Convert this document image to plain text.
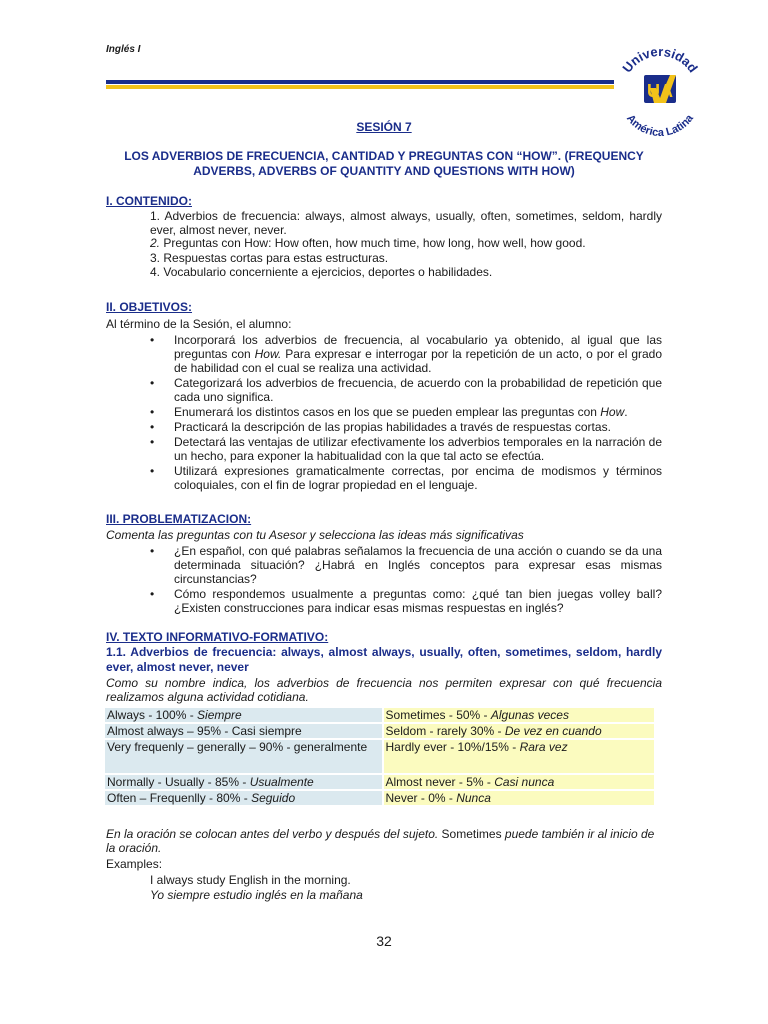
Inglés I
Universidad
América Latina
UA
SESIÓN 7
LOS ADVERBIOS DE FRECUENCIA, CANTIDAD Y PREGUNTAS CON “HOW”. (FREQUENCY ADVERBS, ADVERBS OF QUANTITY AND QUESTIONS WITH HOW)
I. CONTENIDO:
1. Adverbios de frecuencia: always, almost always, usually, often, sometimes, seldom, hardly ever, almost never, never.
2. Preguntas con How: How often, how much time, how long, how well, how good.
3. Respuestas cortas para estas estructuras.
4. Vocabulario concerniente a ejercicios, deportes o habilidades.
II. OBJETIVOS:
Al término de la Sesión, el alumno:
• Incorporará los adverbios de frecuencia, al vocabulario ya obtenido, al igual que las preguntas con How. Para expresar e interrogar por la repetición de un acto, o por el grado de habilidad con el cual se realiza una actividad.
• Categorizará los adverbios de frecuencia, de acuerdo con la probabilidad de repetición que cada uno significa.
• Enumerará los distintos casos en los que se pueden emplear las preguntas con How.
• Practicará la descripción de las propias habilidades a través de respuestas cortas.
• Detectará las ventajas de utilizar efectivamente los adverbios temporales en la narración de un hecho, para exponer la habitualidad con la que tal acto se efectúa.
• Utilizará expresiones gramaticalmente correctas, por encima de modismos y términos coloquiales, con el fin de lograr propiedad en el lenguaje.
III. PROBLEMATIZACION:
Comenta las preguntas con tu Asesor y selecciona las ideas más significativas
• ¿En español, con qué palabras señalamos la frecuencia de una acción o cuando se da una determinada situación? ¿Habrá en Inglés conceptos para expresar esas mismas circunstancias?
• Cómo respondemos usualmente a preguntas como: ¿qué tan bien juegas volley ball? ¿Existen construcciones para indicar esas mismas respuestas en inglés?
IV. TEXTO INFORMATIVO-FORMATIVO:
1.1. Adverbios de frecuencia: always, almost always, usually, often, sometimes, seldom, hardly ever, almost never, never
Como su nombre indica, los adverbios de frecuencia nos permiten expresar con qué frecuencia realizamos alguna actividad cotidiana.
Always - 100% - Siempre	Sometimes - 50% - Algunas veces
Almost always – 95% - Casi siempre	Seldom - rarely 30% - De vez en cuando
Very frequenly – generally – 90% - generalmente	Hardly ever - 10%/15% - Rara vez
Normally - Usually - 85% - Usualmente	Almost never - 5% - Casi nunca
Often – Frequenlly - 80% - Seguido	Never - 0% - Nunca
En la oración se colocan antes del verbo y después del sujeto. Sometimes puede también ir al inicio de la oración.
Examples:
I always study English in the morning.
Yo siempre estudio inglés en la mañana
32
